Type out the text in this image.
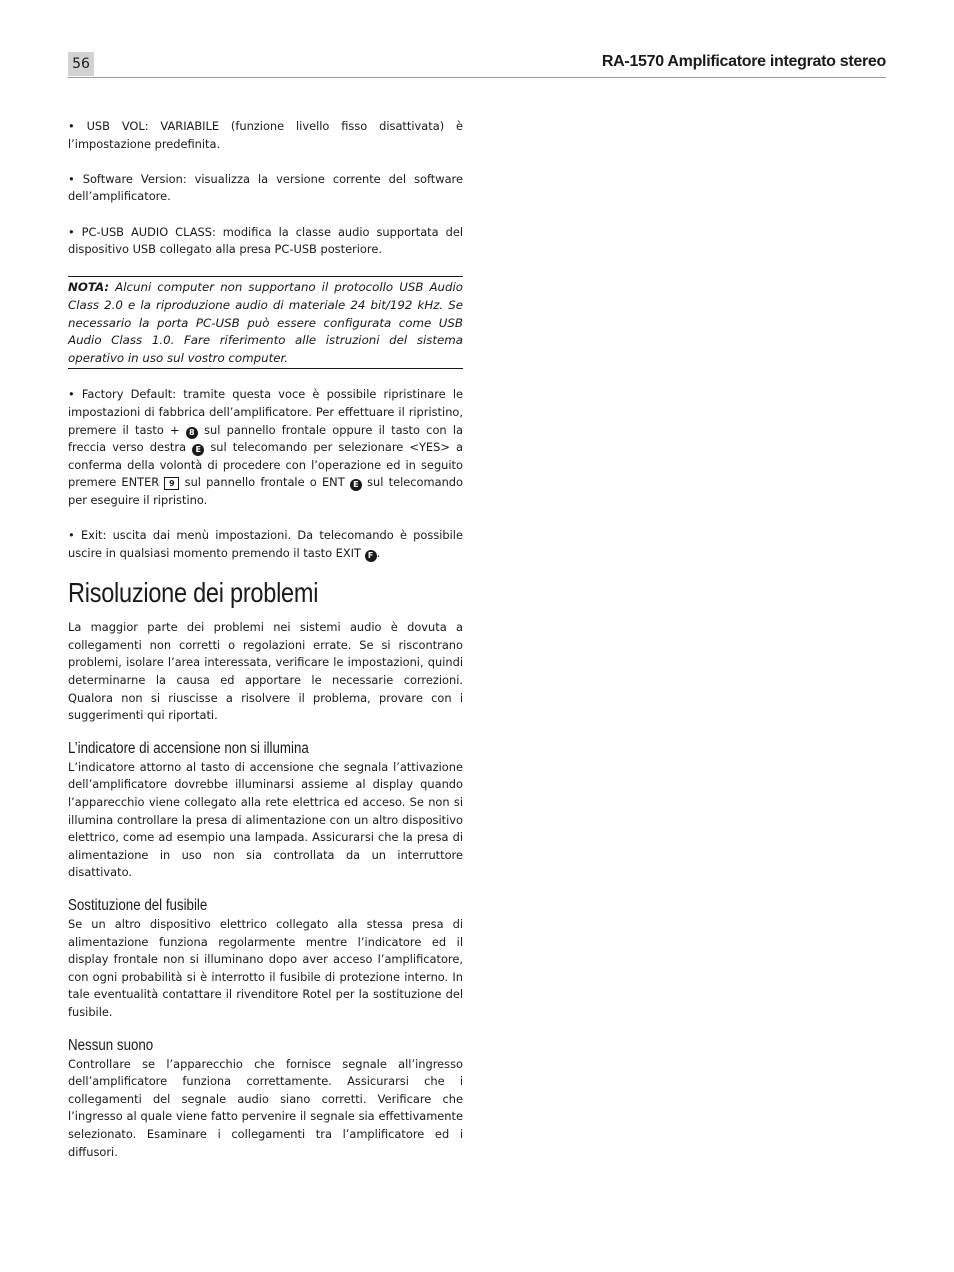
56	RA-1570 Amplificatore integrato stereo

• USB VOL: VARIABILE (funzione livello fisso disattivata) è l’impostazione predefinita.

• Software Version: visualizza la versione corrente del software dell’amplificatore.

• PC-USB AUDIO CLASS: modifica la classe audio supportata del dispositivo USB collegato alla presa PC-USB posteriore.

NOTA: Alcuni computer non supportano il protocollo USB Audio Class 2.0 e la riproduzione audio di materiale 24 bit/192 kHz. Se necessario la porta PC-USB può essere configurata come USB Audio Class 1.0. Fare riferimento alle istruzioni del sistema operativo in uso sul vostro computer.

• Factory Default: tramite questa voce è possibile ripristinare le impostazioni di fabbrica dell’amplificatore. Per effettuare il ripristino, premere il tasto + 8 sul pannello frontale oppure il tasto con la freccia verso destra E sul telecomando per selezionare <YES> a conferma della volontà di procedere con l’operazione ed in seguito premere ENTER 9 sul pannello frontale o ENT E sul telecomando per eseguire il ripristino.

• Exit: uscita dai menù impostazioni. Da telecomando è possibile uscire in qualsiasi momento premendo il tasto EXIT F .

Risoluzione dei problemi

La maggior parte dei problemi nei sistemi audio è dovuta a collegamenti non corretti o regolazioni errate. Se si riscontrano problemi, isolare l’area interessata, verificare le impostazioni, quindi determinarne la causa ed apportare le necessarie correzioni. Qualora non si riuscisse a risolvere il problema, provare con i suggerimenti qui riportati.

L’indicatore di accensione non si illumina

L’indicatore attorno al tasto di accensione che segnala l’attivazione dell’amplificatore dovrebbe illuminarsi assieme al display quando l’apparecchio viene collegato alla rete elettrica ed acceso. Se non si illumina controllare la presa di alimentazione con un altro dispositivo elettrico, come ad esempio una lampada. Assicurarsi che la presa di alimentazione in uso non sia controllata da un interruttore disattivato.

Sostituzione del fusibile

Se un altro dispositivo elettrico collegato alla stessa presa di alimentazione funziona regolarmente mentre l’indicatore ed il display frontale non si illuminano dopo aver acceso l’amplificatore, con ogni probabilità si è interrotto il fusibile di protezione interno. In tale eventualità contattare il rivenditore Rotel per la sostituzione del fusibile.

Nessun suono

Controllare se l’apparecchio che fornisce segnale all’ingresso dell’amplificatore funziona correttamente. Assicurarsi che i collegamenti del segnale audio siano corretti. Verificare che l’ingresso al quale viene fatto pervenire il segnale sia effettivamente selezionato. Esaminare i collegamenti tra l’amplificatore ed i diffusori.
